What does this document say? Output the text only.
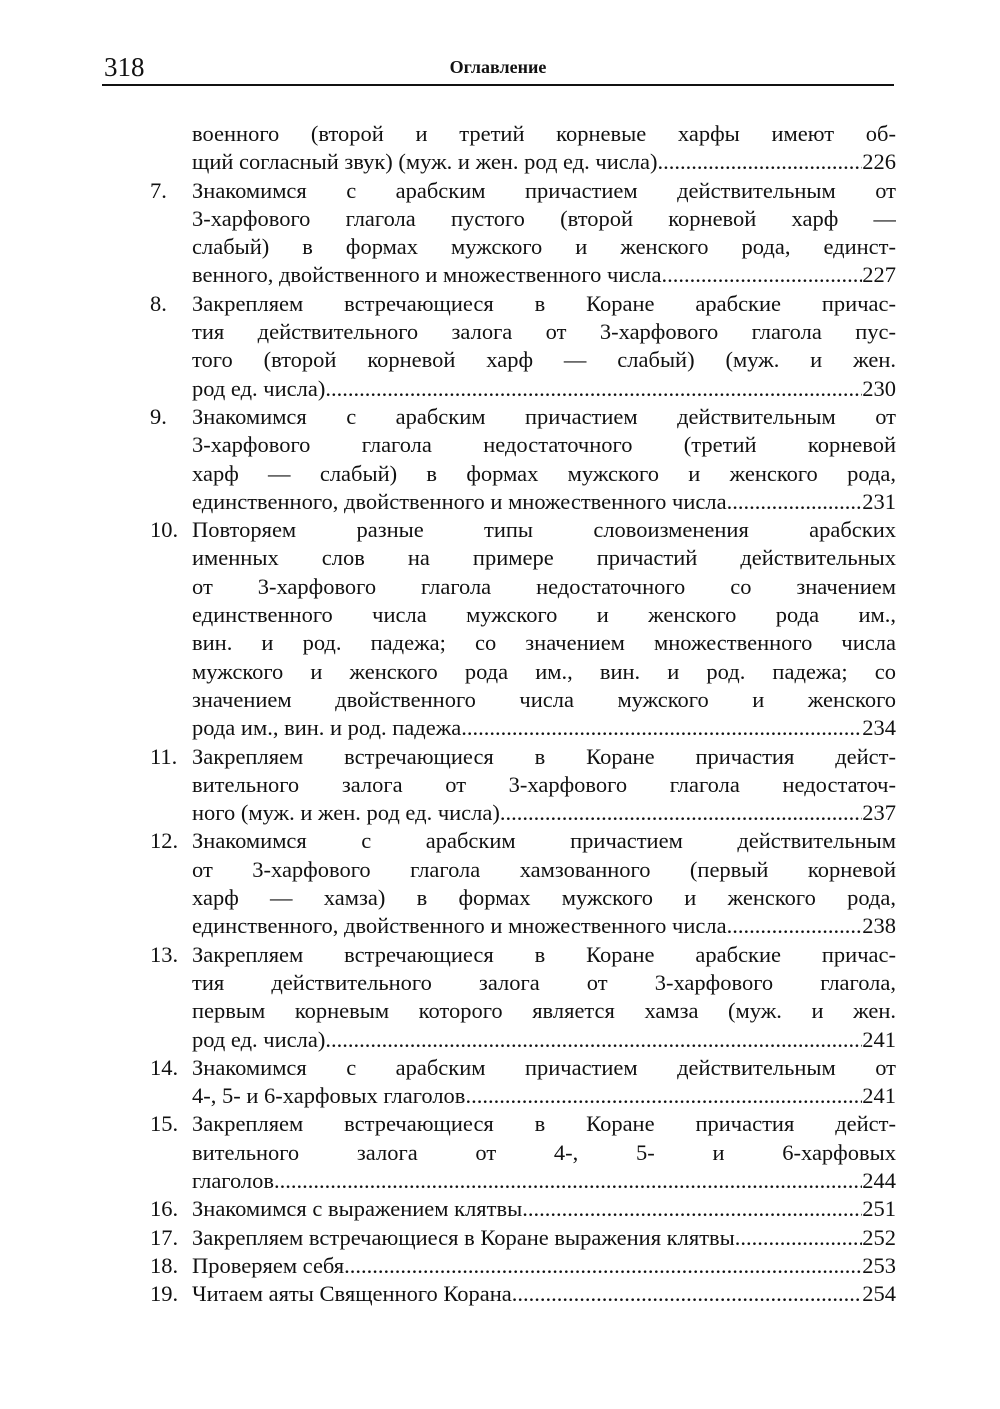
318	Оглавление
военного (второй и третий корневые харфы имеют об-
щий согласный звук) (муж. и жен. род ед. числа) .....	226
7. Знакомимся с арабским причастием действительным от
3-харфового глагола пустого (второй корневой харф —
слабый) в формах мужского и женского рода, единст-
венного, двойственного и множественного числа .....	227
8. Закрепляем встречающиеся в Коране арабские причас-
тия действительного залога от 3-харфового глагола пус-
того (второй корневой харф — слабый) (муж. и жен.
род ед. числа) .....	230
9. Знакомимся с арабским причастием действительным от
3-харфового глагола недостаточного (третий корневой
харф — слабый) в формах мужского и женского рода,
единственного, двойственного и множественного числа .....	231
10. Повторяем разные типы словоизменения арабских
именных слов на примере причастий действительных
от 3-харфового глагола недостаточного со значением
единственного числа мужского и женского рода им.,
вин. и род. падежа; со значением множественного числа
мужского и женского рода им., вин. и род. падежа; со
значением двойственного числа мужского и женского
рода им., вин. и род. падежа .....	234
11. Закрепляем встречающиеся в Коране причастия дейст-
вительного залога от 3-харфового глагола недостаточ-
ного (муж. и жен. род ед. числа) .....	237
12. Знакомимся с арабским причастием действительным
от 3-харфового глагола хамзованного (первый корневой
харф — хамза) в формах мужского и женского рода,
единственного, двойственного и множественного числа .....	238
13. Закрепляем встречающиеся в Коране арабские причас-
тия действительного залога от 3-харфового глагола,
первым корневым которого является хамза (муж. и жен.
род ед. числа) .....	241
14. Знакомимся с арабским причастием действительным от
4-, 5- и 6-харфовых глаголов .....	241
15. Закрепляем встречающиеся в Коране причастия дейст-
вительного залога от 4-, 5- и 6-харфовых
глаголов .....	244
16. Знакомимся с выражением клятвы .....	251
17. Закрепляем встречающиеся в Коране выражения клятвы .....	252
18. Проверяем себя .....	253
19. Читаем аяты Священного Корана .....	254
